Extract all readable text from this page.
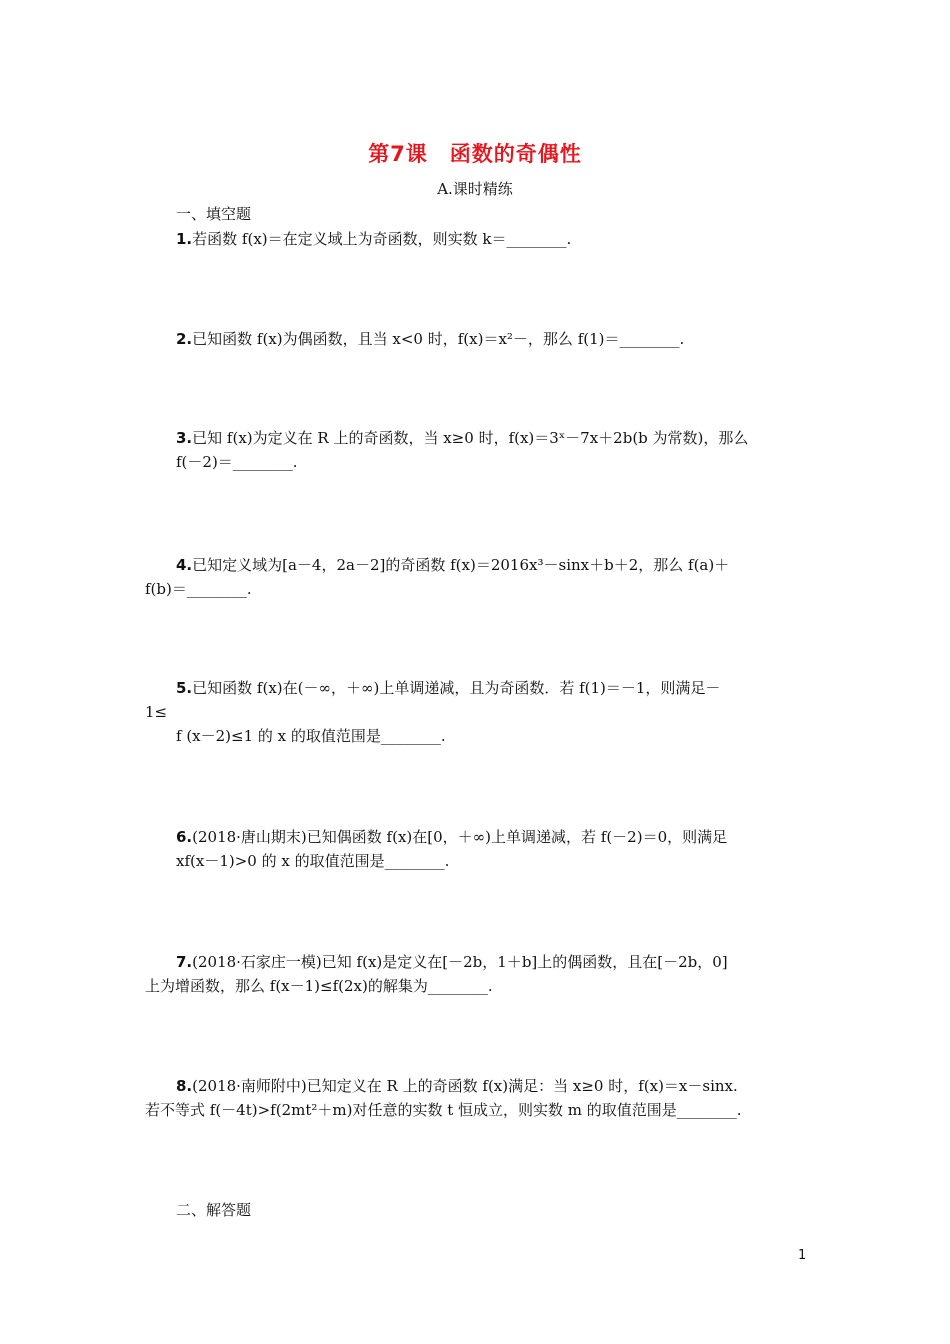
第7课　函数的奇偶性
A.课时精练
一、填空题
1.若函数 f(x)＝在定义域上为奇函数，则实数 k＝________.
2.已知函数 f(x)为偶函数，且当 x<0 时，f(x)＝x²－，那么 f(1)＝________.
3.已知 f(x)为定义在 R 上的奇函数，当 x≥0 时，f(x)＝3ˣ－7x＋2b(b 为常数)，那么
f(－2)＝________.
4.已知定义域为[a－4，2a－2]的奇函数 f(x)＝2016x³－sinx＋b＋2，那么 f(a)＋
f(b)＝________.
5.已知函数 f(x)在(－∞，＋∞)上单调递减，且为奇函数．若 f(1)＝－1，则满足－
1≤
f (x－2)≤1 的 x 的取值范围是________.
6.(2018·唐山期末)已知偶函数 f(x)在[0，＋∞)上单调递减，若 f(－2)＝0，则满足
xf(x－1)>0 的 x 的取值范围是________.
7.(2018·石家庄一模)已知 f(x)是定义在[－2b，1＋b]上的偶函数，且在[－2b，0]
上为增函数，那么 f(x－1)≤f(2x)的解集为________.
8.(2018·南师附中)已知定义在 R 上的奇函数 f(x)满足：当 x≥0 时，f(x)＝x－sinx.
若不等式 f(－4t)>f(2mt²＋m)对任意的实数 t 恒成立，则实数 m 的取值范围是________.
二、解答题
1
